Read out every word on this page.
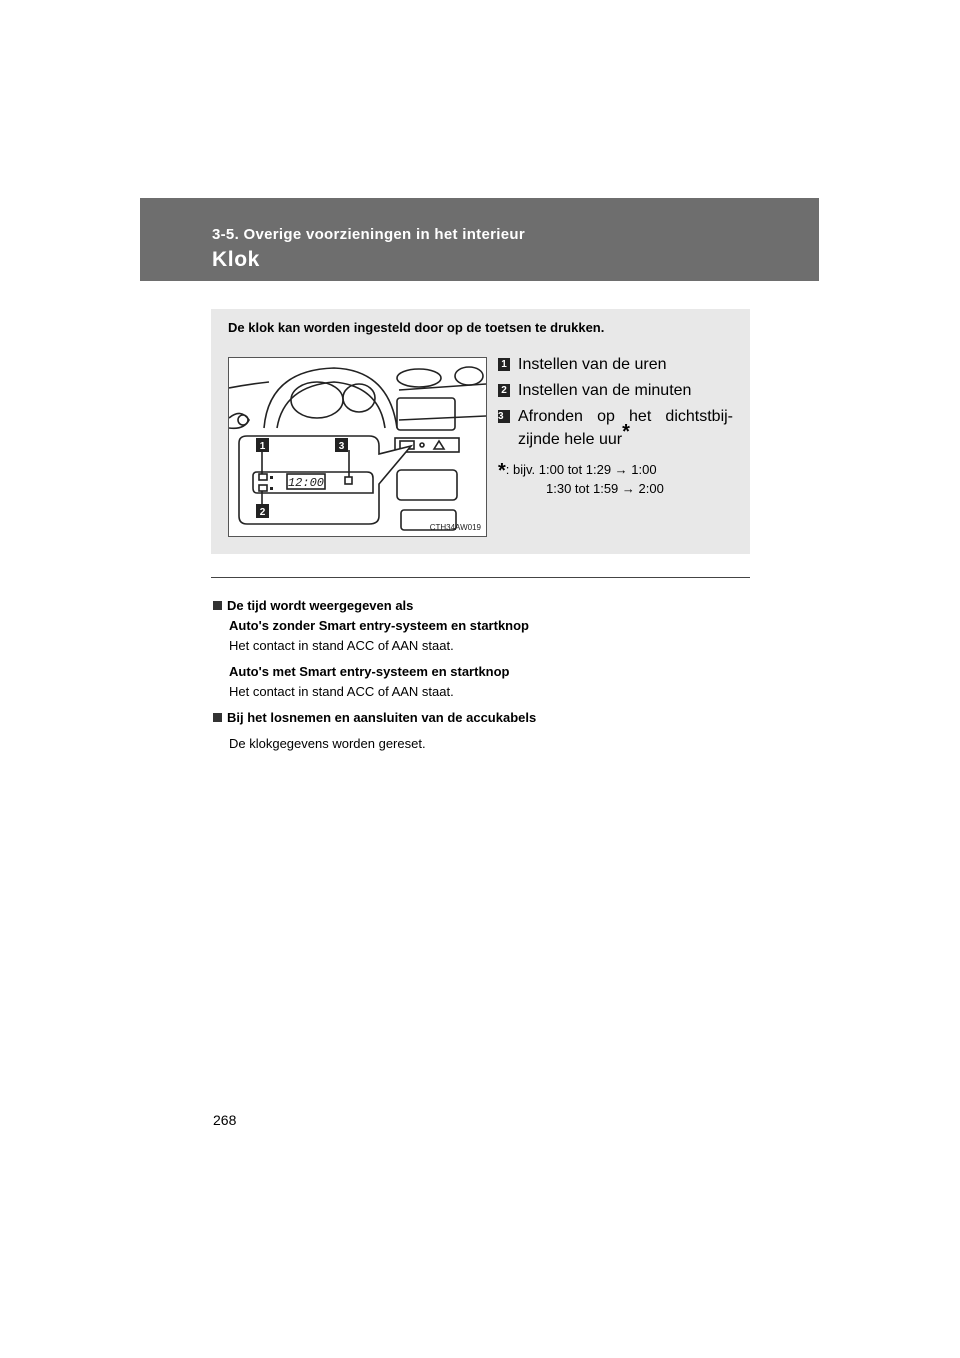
3-5. Overige voorzieningen in het interieur

Klok

De klok kan worden ingesteld door op de toetsen te drukken.

12:00
1
2
3
CTH34AW019
1 Instellen van de uren
2 Instellen van de minuten
3 Afronden op het dichtstbij-zijnde hele uur*
*: bijv. 1:00 tot 1:29 → 1:00
1:30 tot 1:59 → 2:00

De tijd wordt weergegeven als

Auto's zonder Smart entry-systeem en startknop
Het contact in stand ACC of AAN staat.
Auto's met Smart entry-systeem en startknop
Het contact in stand ACC of AAN staat.

Bij het losnemen en aansluiten van de accukabels

De klokgegevens worden gereset.
268
